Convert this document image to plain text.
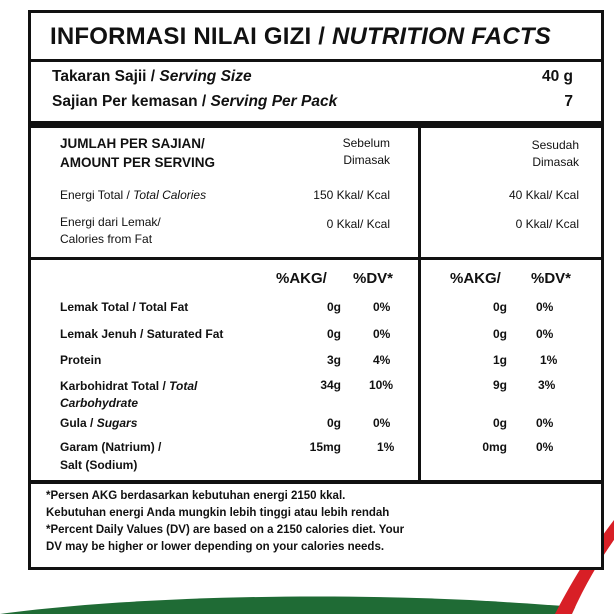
INFORMASI NILAI GIZI / NUTRITION FACTS
Takaran Sajii / Serving Size	40 g
Sajian Per kemasan / Serving Per Pack	7
JUMLAH PER SAJIAN/
AMOUNT PER SERVING
Sebelum
Dimasak
Sesudah
Dimasak
Energi Total / Total Calories	150 Kkal/ Kcal	40 Kkal/ Kcal
Energi dari Lemak/
Calories from Fat
0 Kkal/ Kcal	0 Kkal/ Kcal
%AKG/ %DV*	%AKG/ %DV*
Lemak Total / Total Fat	0g	0%	0g 0%
Lemak Jenuh / Saturated Fat	0g	0%	0g 0%
Protein	3g	4%	1g	1%
Karbohidrat Total / Total
Carbohydrate
34g 10%	9g	3%
Gula / Sugars	0g	0%	0g 0%
Garam (Natrium) /
Salt (Sodium)
15mg	1%	0mg 0%
*Persen AKG berdasarkan kebutuhan energi 2150 kkal.
Kebutuhan energi Anda mungkin lebih tinggi atau lebih rendah
*Percent Daily Values (DV) are based on a 2150 calories diet. Your
DV may be higher or lower depending on your calories needs.
